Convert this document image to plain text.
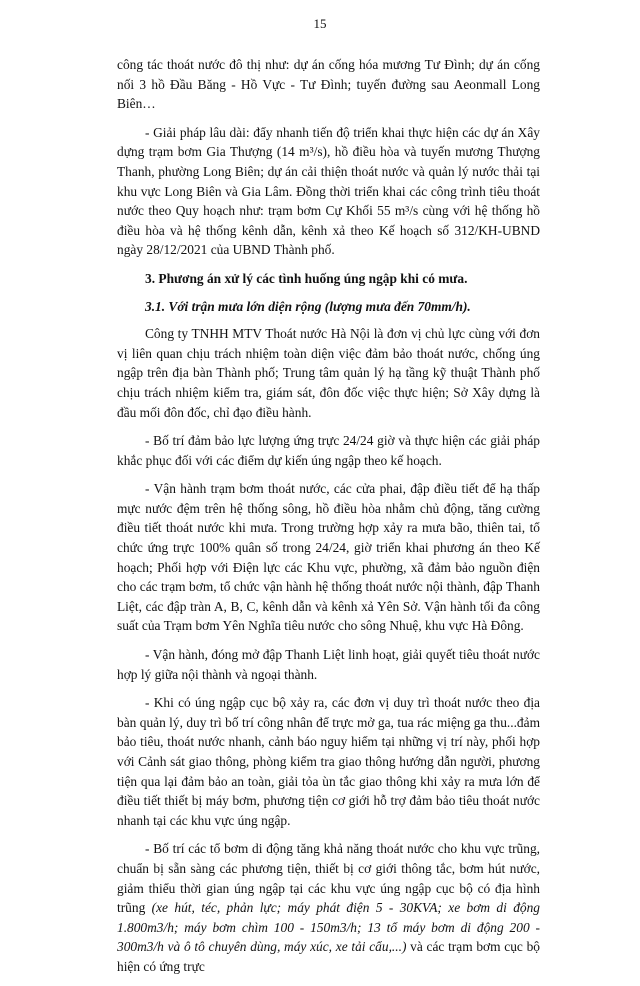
15

công tác thoát nước đô thị như: dự án cống hóa mương Tư Đình; dự án cống nối 3 hồ Đầu Băng - Hồ Vực - Tư Đình; tuyến đường sau Aeonmall Long Biên…

- Giải pháp lâu dài: đẩy nhanh tiến độ triển khai thực hiện các dự án Xây dựng trạm bơm Gia Thượng (14 m³/s), hồ điều hòa và tuyến mương Thượng Thanh, phường Long Biên; dự án cải thiện thoát nước và quản lý nước thải tại khu vực Long Biên và Gia Lâm. Đồng thời triển khai các công trình tiêu thoát nước theo Quy hoạch như: trạm bơm Cự Khối 55 m³/s cùng với hệ thống hồ điều hòa và hệ thống kênh dẫn, kênh xả theo Kế hoạch số 312/KH-UBND ngày 28/12/2021 của UBND Thành phố.

3. Phương án xử lý các tình huống úng ngập khi có mưa.

3.1. Với trận mưa lớn diện rộng (lượng mưa đến 70mm/h).

Công ty TNHH MTV Thoát nước Hà Nội là đơn vị chủ lực cùng với đơn vị liên quan chịu trách nhiệm toàn diện việc đảm bảo thoát nước, chống úng ngập trên địa bàn Thành phố; Trung tâm quản lý hạ tầng kỹ thuật Thành phố chịu trách nhiệm kiểm tra, giám sát, đôn đốc việc thực hiện; Sở Xây dựng là đầu mối đôn đốc, chỉ đạo điều hành.

- Bố trí đảm bảo lực lượng ứng trực 24/24 giờ và thực hiện các giải pháp khắc phục đối với các điểm dự kiến úng ngập theo kế hoạch.

- Vận hành trạm bơm thoát nước, các cửa phai, đập điều tiết để hạ thấp mực nước đệm trên hệ thống sông, hồ điều hòa nhằm chủ động, tăng cường điều tiết thoát nước khi mưa. Trong trường hợp xảy ra mưa bão, thiên tai, tổ chức ứng trực 100% quân số trong 24/24, giờ triển khai phương án theo Kế hoạch; Phối hợp với Điện lực các Khu vực, phường, xã đảm bảo nguồn điện cho các trạm bơm, tổ chức vận hành hệ thống thoát nước nội thành, đập Thanh Liệt, các đập tràn A, B, C, kênh dẫn và kênh xả Yên Sở. Vận hành tối đa công suất của Trạm bơm Yên Nghĩa tiêu nước cho sông Nhuệ, khu vực Hà Đông.

- Vận hành, đóng mở đập Thanh Liệt linh hoạt, giải quyết tiêu thoát nước hợp lý giữa nội thành và ngoại thành.

- Khi có úng ngập cục bộ xảy ra, các đơn vị duy trì thoát nước theo địa bàn quản lý, duy trì bố trí công nhân để trực mở ga, tua rác miệng ga thu...đảm bảo tiêu, thoát nước nhanh, cảnh báo nguy hiểm tại những vị trí này, phối hợp với Cảnh sát giao thông, phòng kiểm tra giao thông hướng dẫn người, phương tiện qua lại đảm bảo an toàn, giải tỏa ùn tắc giao thông khi xảy ra mưa lớn để điều tiết thiết bị máy bơm, phương tiện cơ giới hỗ trợ đảm bảo tiêu thoát nước nhanh tại các khu vực úng ngập.

- Bố trí các tổ bơm di động tăng khả năng thoát nước cho khu vực trũng, chuẩn bị sẵn sàng các phương tiện, thiết bị cơ giới thông tắc, bơm hút nước, giảm thiểu thời gian úng ngập tại các khu vực úng ngập cục bộ có địa hình trũng (xe hút, téc, phản lực; máy phát điện 5 - 30KVA; xe bơm di động 1.800m3/h; máy bơm chìm 100 - 150m3/h; 13 tổ máy bơm di động 200 - 300m3/h và ô tô chuyên dùng, máy xúc, xe tải cẩu,...) và các trạm bơm cục bộ hiện có ứng trực
